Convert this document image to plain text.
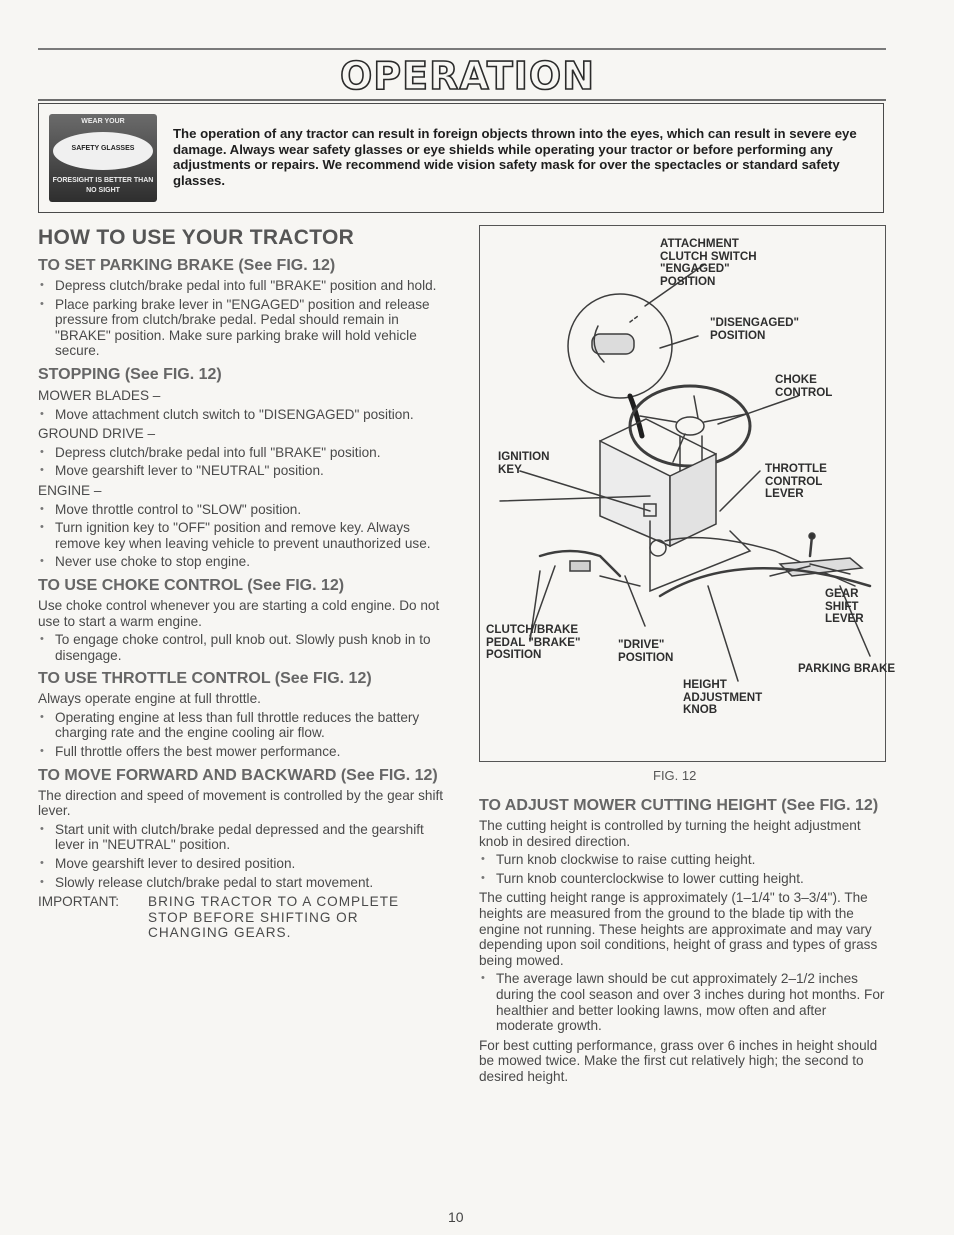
OPERATION
WEAR YOUR
SAFETY GLASSES
FORESIGHT IS BETTER THAN NO SIGHT

The operation of any tractor can result in foreign objects thrown into the eyes, which can result in severe eye damage. Always wear safety glasses or eye shields while operating your tractor or before performing any adjustments or repairs. We recommend wide vision safety mask for over the spectacles or standard safety glasses.

HOW TO USE YOUR TRACTOR
TO SET PARKING BRAKE (See FIG. 12)
• Depress clutch/brake pedal into full "BRAKE" position and hold.
• Place parking brake lever in "ENGAGED" position and release pressure from clutch/brake pedal. Pedal should remain in "BRAKE" position. Make sure parking brake will hold vehicle secure.
STOPPING (See FIG. 12)

MOWER BLADES –

• Move attachment clutch switch to "DISENGAGED" position.

GROUND DRIVE –

• Depress clutch/brake pedal into full "BRAKE" position.
• Move gearshift lever to "NEUTRAL" position.

ENGINE –

• Move throttle control to "SLOW" position.
• Turn ignition key to "OFF" position and remove key. Always remove key when leaving vehicle to prevent unauthorized use.
• Never use choke to stop engine.
TO USE CHOKE CONTROL (See FIG. 12)

Use choke control whenever you are starting a cold engine. Do not use to start a warm engine.

• To engage choke control, pull knob out. Slowly push knob in to disengage.
TO USE THROTTLE CONTROL (See FIG. 12)

Always operate engine at full throttle.

• Operating engine at less than full throttle reduces the battery charging rate and the engine cooling air flow.
• Full throttle offers the best mower performance.
TO MOVE FORWARD AND BACKWARD (See FIG. 12)

The direction and speed of movement is controlled by the gear shift lever.

• Start unit with clutch/brake pedal depressed and the gearshift lever in "NEUTRAL" position.
• Move gearshift lever to desired position.
• Slowly release clutch/brake pedal to start movement.
IMPORTANT:	BRING TRACTOR TO A COMPLETE STOP BEFORE SHIFTING OR CHANGING GEARS.

ATTACHMENT
CLUTCH SWITCH
"ENGAGED"
POSITION

"DISENGAGED"
POSITION

CHOKE
CONTROL

IGNITION
KEY	THROTTLE
CONTROL
LEVER

GEAR
SHIFT
LEVER

CLUTCH/BRAKE
PEDAL "BRAKE"
POSITION

"DRIVE"
POSITION

PARKING BRAKE

HEIGHT
ADJUSTMENT
KNOB

FIG. 12

TO ADJUST MOWER CUTTING HEIGHT (See FIG. 12)

The cutting height is controlled by turning the height adjustment knob in desired direction.

• Turn knob clockwise to raise cutting height.
• Turn knob counterclockwise to lower cutting height.

The cutting height range is approximately (1–1/4" to 3–3/4"). The heights are measured from the ground to the blade tip with the engine not running. These heights are approximate and may vary depending upon soil conditions, height of grass and types of grass being mowed.

• The average lawn should be cut approximately 2–1/2 inches during the cool season and over 3 inches during hot months. For healthier and better looking lawns, mow often and after moderate growth.

For best cutting performance, grass over 6 inches in height should be mowed twice. Make the first cut relatively high; the second to desired height.

10
